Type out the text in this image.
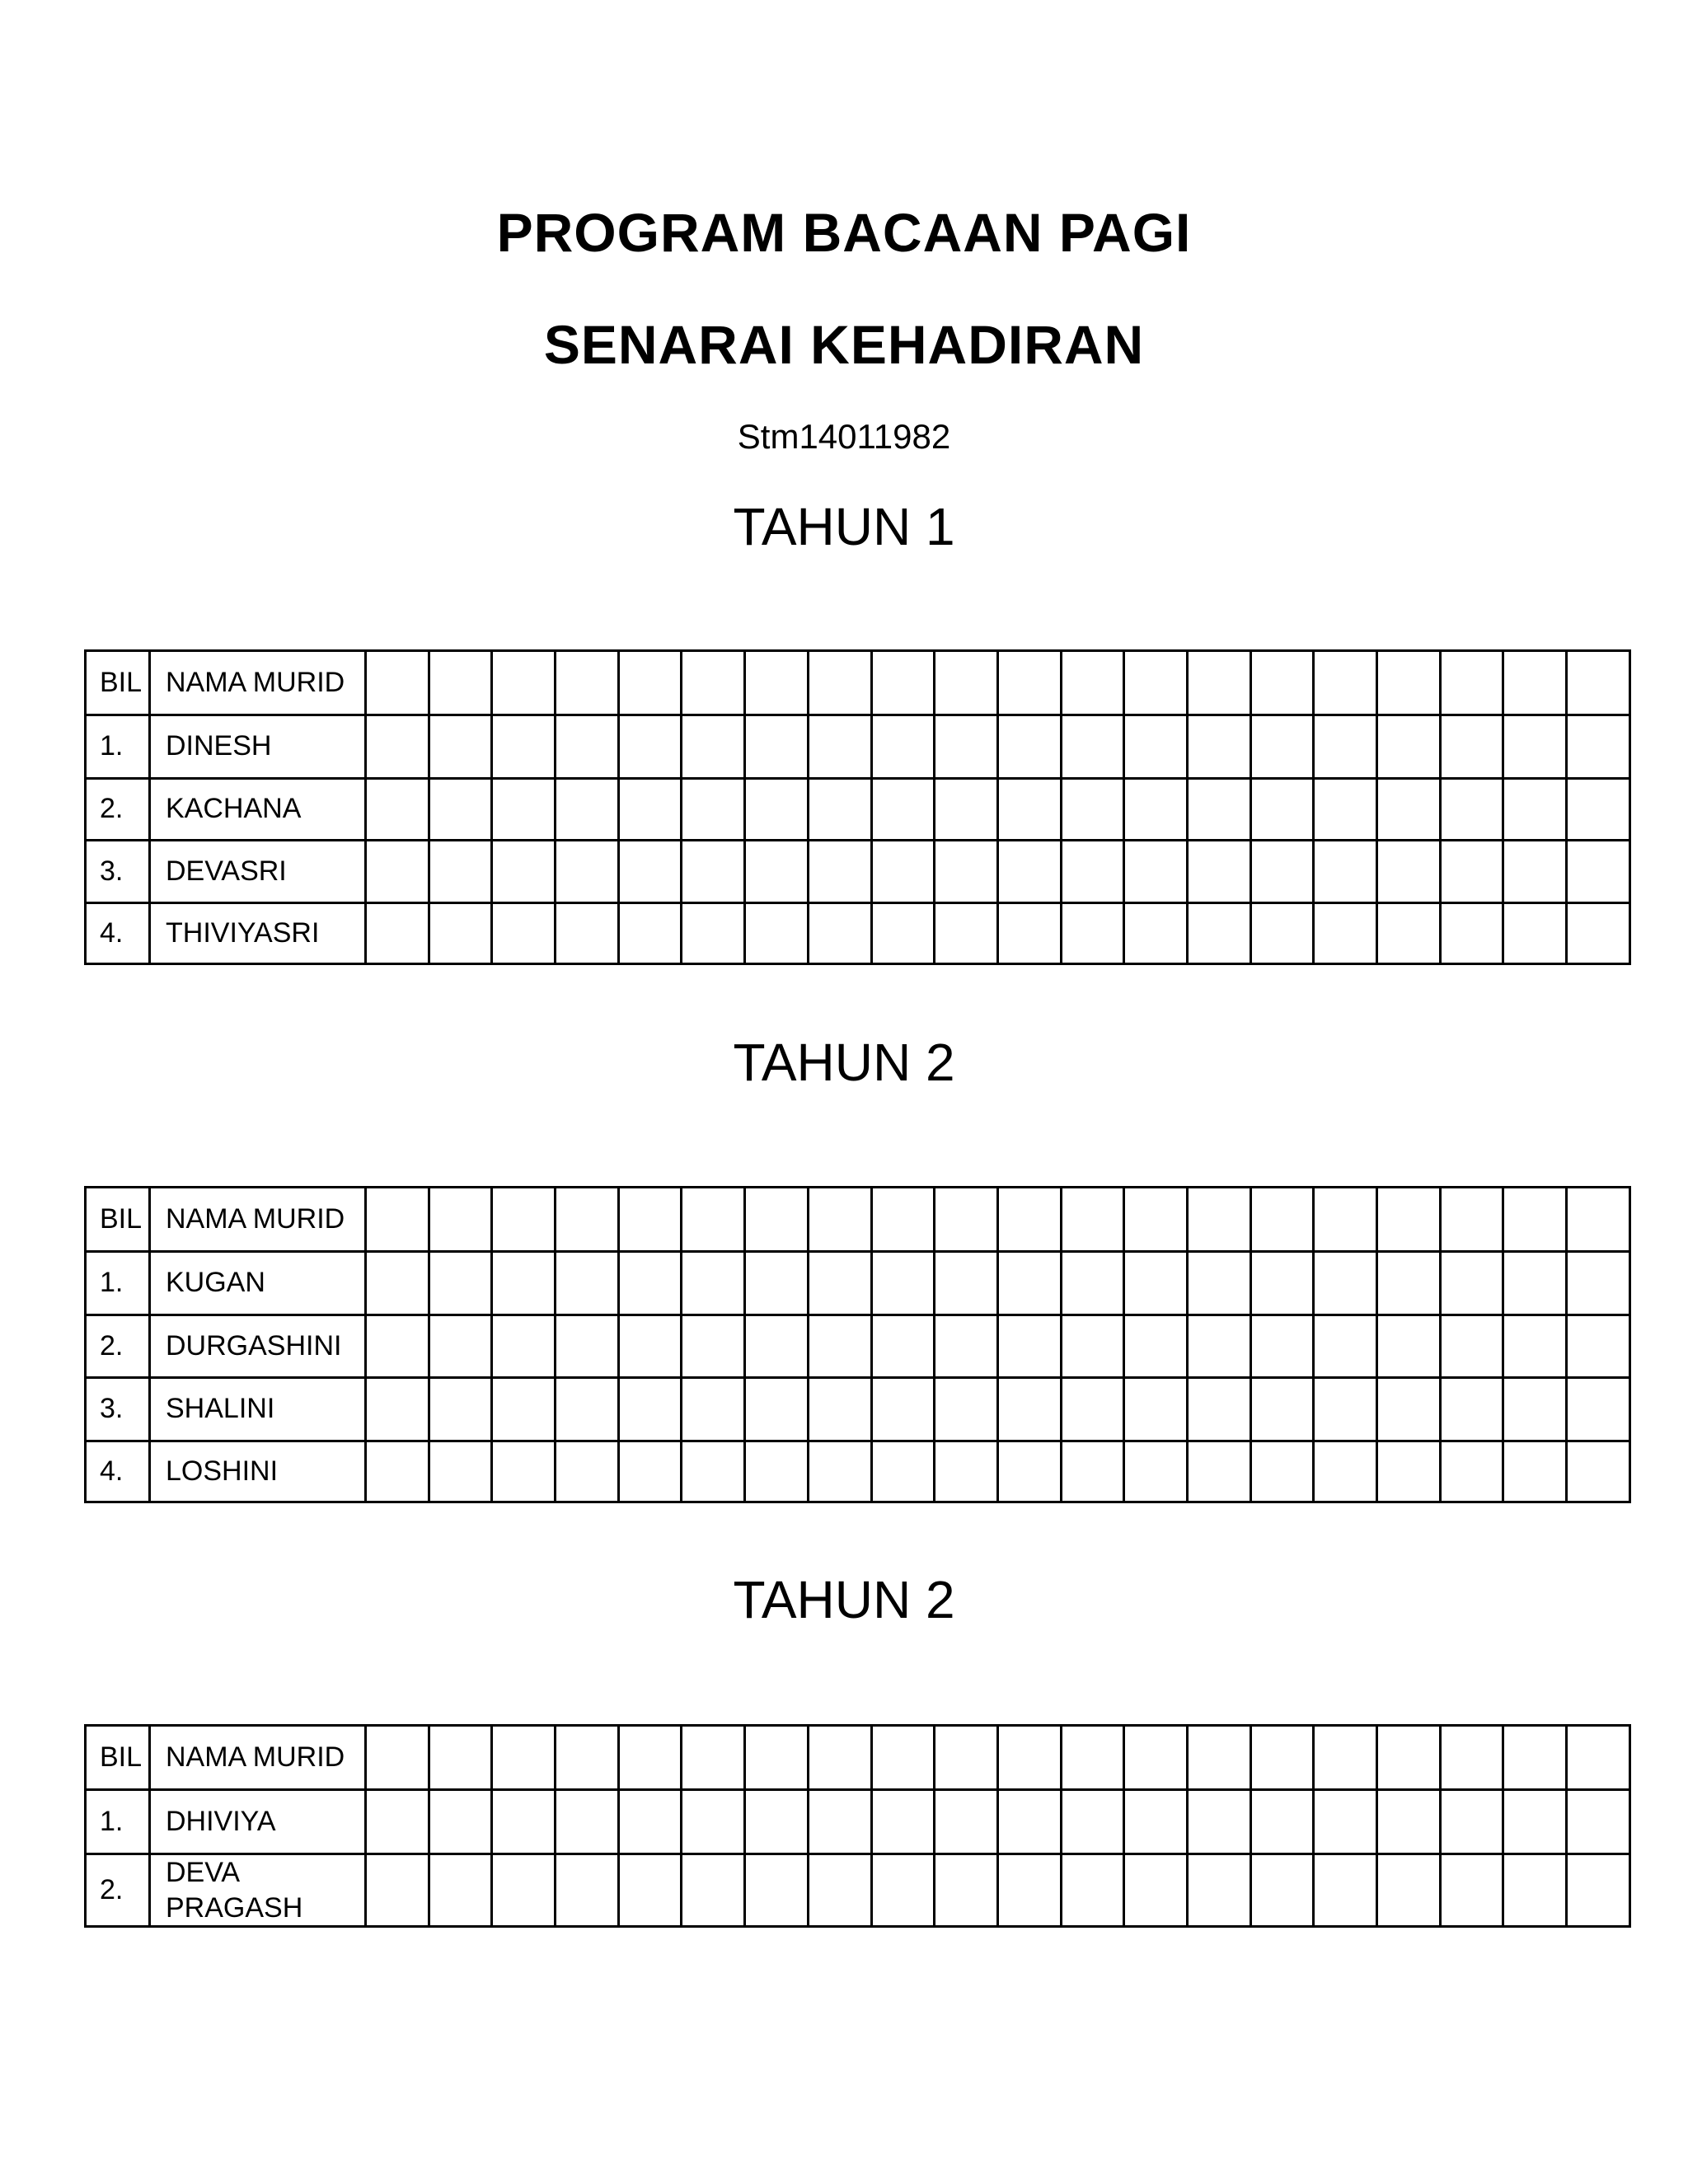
PROGRAM BACAAN PAGI
SENARAI KEHADIRAN
Stm14011982
TAHUN 1
BIL	NAMA MURID																				
1.	DINESH																				
2.	KACHANA																				
3.	DEVASRI																				
4.	THIVIYASRI																				
TAHUN 2
BIL	NAMA MURID																				
1.	KUGAN																				
2.	DURGASHINI																				
3.	SHALINI																				
4.	LOSHINI																				
TAHUN 2
BIL	NAMA MURID																				
1.	DHIVIYA																				
2.	DEVA PRAGASH																				
